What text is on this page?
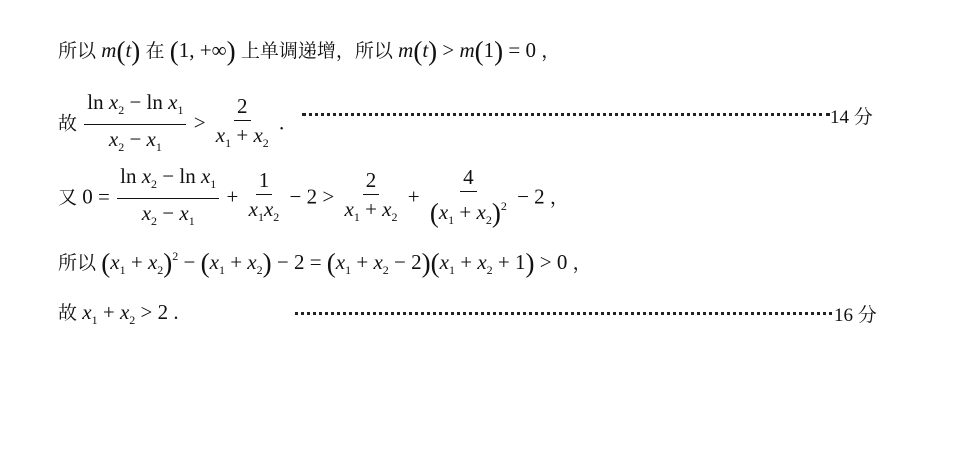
所以 m(t) 在 (1, +∞) 上单调递增，所以 m(t) > m(1) = 0 ，
故 $\frac{\ln x_2 - \ln x_1}{x_2 - x_1} > \frac{2}{x_1 + x_2}$ .	14 分
又 $0 = \frac{\ln x_2 - \ln x_1}{x_2 - x_1} + \frac{1}{x_1x_2} - 2 > \frac{2}{x_1 + x_2} + \frac{4}{(x_1 + x_2)^2} - 2$ ，
所以 $(x_1 + x_2)^2 - (x_1 + x_2) - 2 = (x_1 + x_2 - 2)(x_1 + x_2 + 1) > 0$ ，
故 $x_1 + x_2 > 2$ .	16 分
